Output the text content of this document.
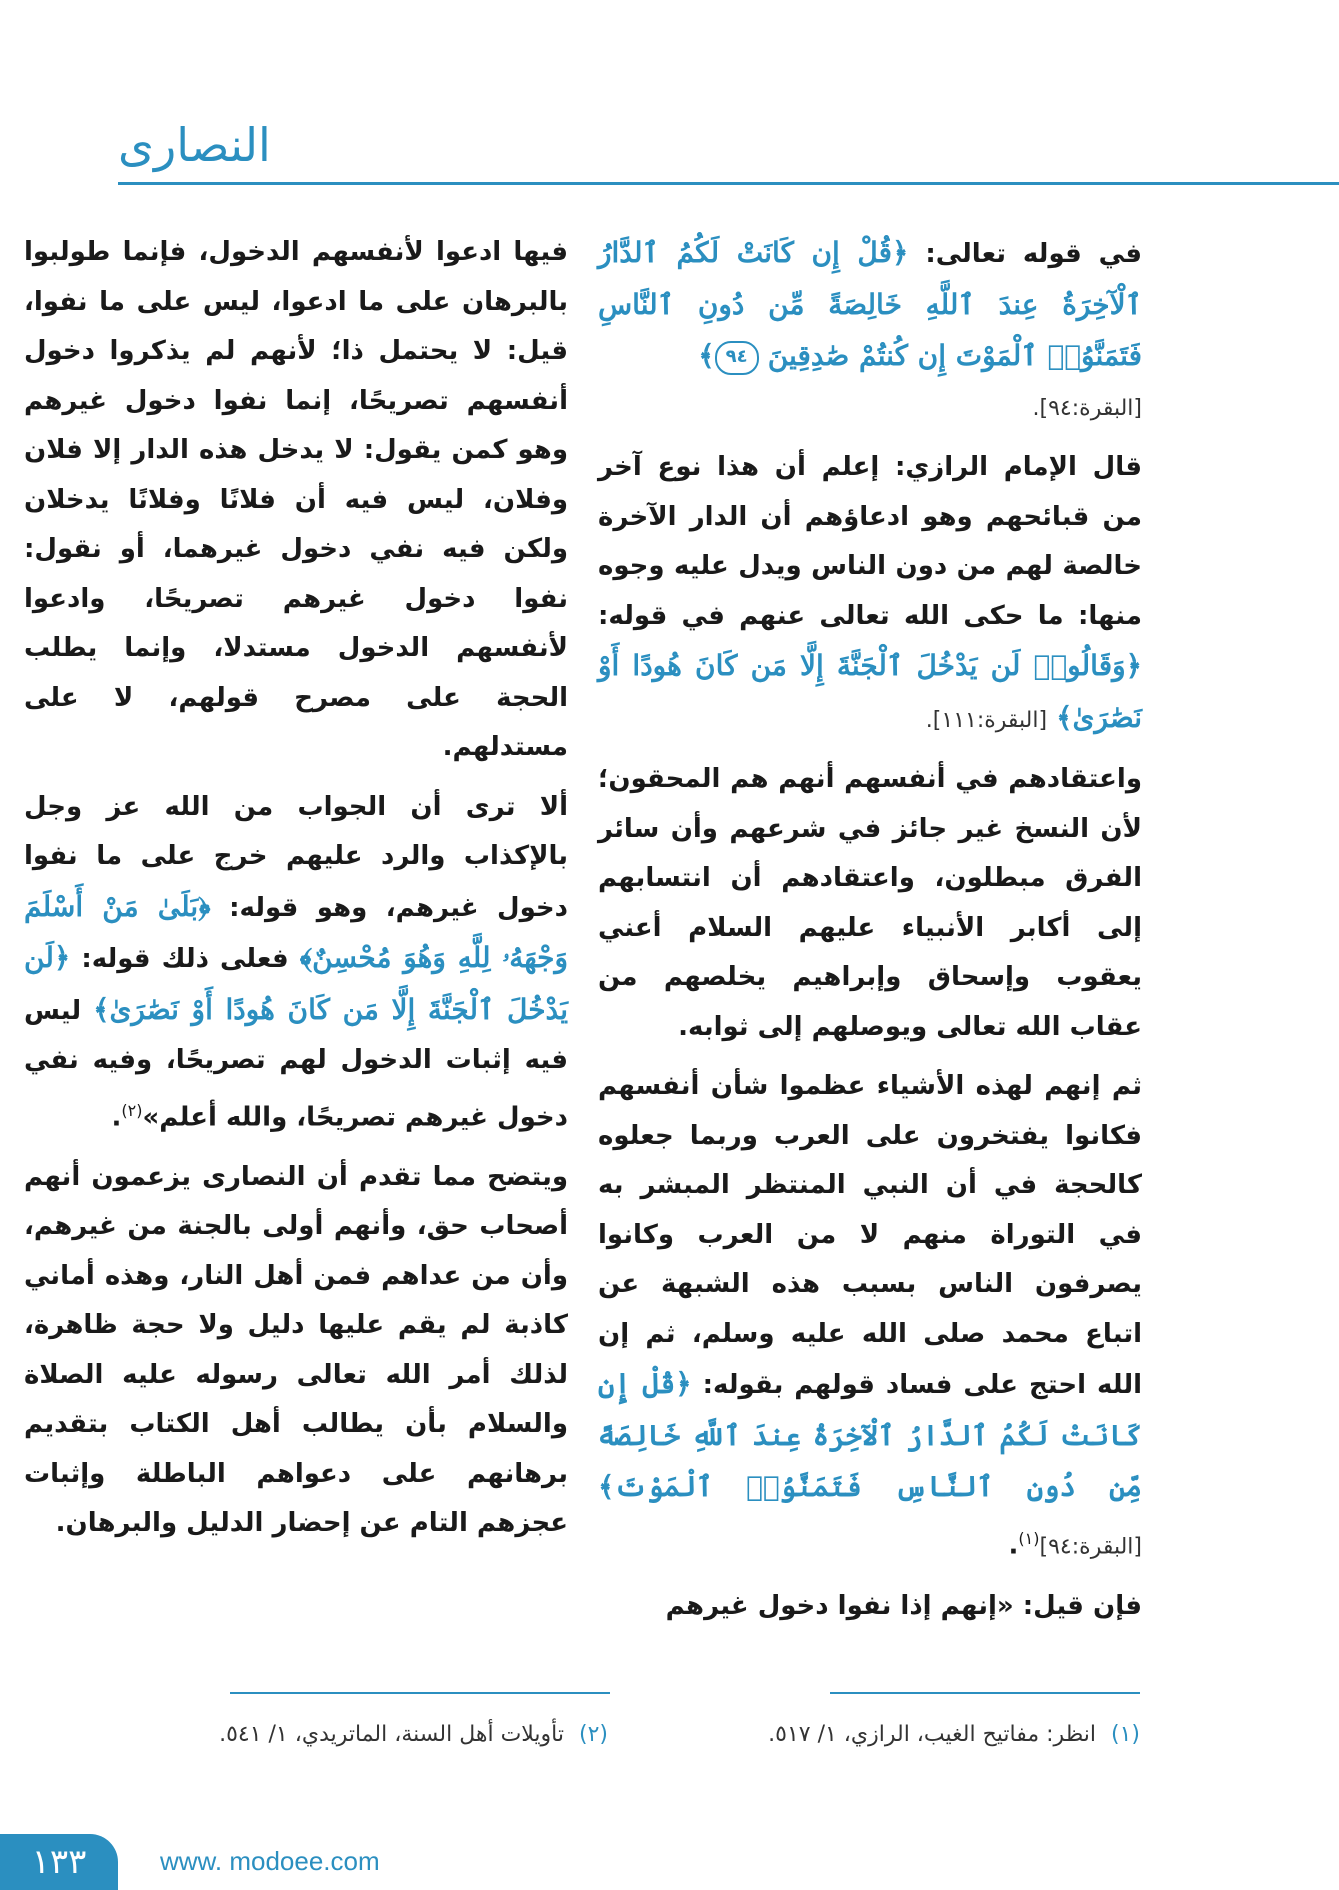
النصارى

في قوله تعالى: ﴿قُلْ إِن كَانَتْ لَكُمُ ٱلدَّارُ ٱلْآخِرَةُ عِندَ ٱللَّهِ خَالِصَةً مِّن دُونِ ٱلنَّاسِ فَتَمَنَّوُا۟ ٱلْمَوْتَ إِن كُنتُمْ صَٰدِقِينَ ٩٤﴾
[البقرة:٩٤].

قال الإمام الرازي: إعلم أن هذا نوع آخر من قبائحهم وهو ادعاؤهم أن الدار الآخرة خالصة لهم من دون الناس ويدل عليه وجوه منها: ما حكى الله تعالى عنهم في قوله: ﴿وَقَالُوا۟ لَن يَدْخُلَ ٱلْجَنَّةَ إِلَّا مَن كَانَ هُودًا أَوْ نَصَٰرَىٰ﴾ [البقرة:١١١].

واعتقادهم في أنفسهم أنهم هم المحقون؛ لأن النسخ غير جائز في شرعهم وأن سائر الفرق مبطلون، واعتقادهم أن انتسابهم إلى أكابر الأنبياء عليهم السلام أعني يعقوب وإسحاق وإبراهيم يخلصهم من عقاب الله تعالى ويوصلهم إلى ثوابه.

ثم إنهم لهذه الأشياء عظموا شأن أنفسهم فكانوا يفتخرون على العرب وربما جعلوه كالحجة في أن النبي المنتظر المبشر به في التوراة منهم لا من العرب وكانوا يصرفون الناس بسبب هذه الشبهة عن اتباع محمد صلى الله عليه وسلم، ثم إن الله احتج على فساد قولهم بقوله: ﴿قُلْ إِن كَانَتْ لَكُمُ ٱلدَّارُ ٱلْآخِرَةُ عِندَ ٱللَّهِ خَالِصَةً مِّن دُونِ ٱلنَّاسِ فَتَمَنَّوُا۟ ٱلْمَوْتَ﴾ [البقرة:٩٤]$^{(١)}$.

فإن قيل: «إنهم إذا نفوا دخول غيرهم

فيها ادعوا لأنفسهم الدخول، فإنما طولبوا بالبرهان على ما ادعوا، ليس على ما نفوا، قيل: لا يحتمل ذا؛ لأنهم لم يذكروا دخول أنفسهم تصريحًا، إنما نفوا دخول غيرهم وهو كمن يقول: لا يدخل هذه الدار إلا فلان وفلان، ليس فيه أن فلانًا وفلانًا يدخلان ولكن فيه نفي دخول غيرهما، أو نقول: نفوا دخول غيرهم تصريحًا، وادعوا لأنفسهم الدخول مستدلا، وإنما يطلب الحجة على مصرح قولهم، لا على مستدلهم.

ألا ترى أن الجواب من الله عز وجل بالإكذاب والرد عليهم خرج على ما نفوا دخول غيرهم، وهو قوله: ﴿بَلَىٰ مَنْ أَسْلَمَ وَجْهَهُۥ لِلَّهِ وَهُوَ مُحْسِنٌ﴾ فعلى ذلك قوله: ﴿لَن يَدْخُلَ ٱلْجَنَّةَ إِلَّا مَن كَانَ هُودًا أَوْ نَصَٰرَىٰ﴾ ليس فيه إثبات الدخول لهم تصريحًا، وفيه نفي دخول غيرهم تصريحًا، والله أعلم»$^{(٢)}$.

ويتضح مما تقدم أن النصارى يزعمون أنهم أصحاب حق، وأنهم أولى بالجنة من غيرهم، وأن من عداهم فمن أهل النار، وهذه أماني كاذبة لم يقم عليها دليل ولا حجة ظاهرة، لذلك أمر الله تعالى رسوله عليه الصلاة والسلام بأن يطالب أهل الكتاب بتقديم برهانهم على دعواهم الباطلة وإثبات عجزهم التام عن إحضار الدليل والبرهان.

(١) انظر: مفاتيح الغيب، الرازي، ١/ ٥١٧.
(٢) تأويلات أهل السنة، الماتريدي، ١/ ٥٤١.
١٣٣	www. modoee.com
